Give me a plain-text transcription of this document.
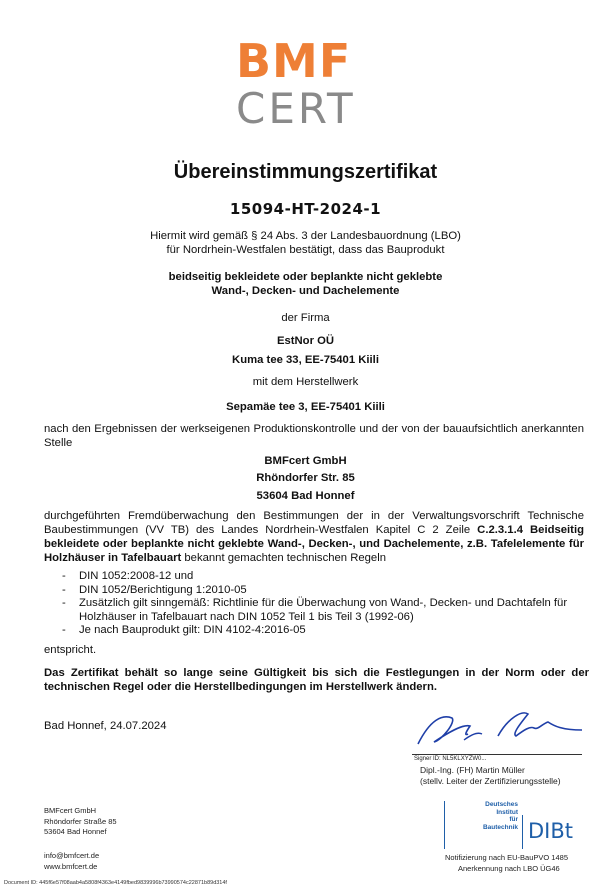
BMF
CERT
Übereinstimmungszertifikat
15094-HT-2024-1
Hiermit wird gemäß § 24 Abs. 3 der Landesbauordnung (LBO)
für Nordrhein-Westfalen bestätigt, dass das Bauprodukt
beidseitig bekleidete oder beplankte nicht geklebte
Wand-, Decken- und Dachelemente
der Firma
EstNor OÜ
Kuma tee 33, EE-75401 Kiili
mit dem Herstellwerk
Sepamäe tee 3, EE-75401 Kiili
nach den Ergebnissen der werkseigenen Produktionskontrolle und der von der bauaufsichtlich anerkannten Stelle
BMFcert GmbH
Rhöndorfer Str. 85
53604 Bad Honnef
durchgeführten Fremdüberwachung den Bestimmungen der in der Verwaltungsvorschrift Technische Baubestimmungen (VV TB) des Landes Nordrhein-Westfalen Kapitel C 2 Zeile C.2.3.1.4 Beidseitig bekleidete oder beplankte nicht geklebte Wand-, Decken-, und Dachelemente, z.B. Tafelelemente für Holzhäuser in Tafelbauart bekannt gemachten technischen Regeln
- DIN 1052:2008-12 und
- DIN 1052/Berichtigung 1:2010-05
- Zusätzlich gilt sinngemäß: Richtlinie für die Überwachung von Wand-, Decken- und Dachtafeln für Holzhäuser in Tafelbauart nach DIN 1052 Teil 1 bis Teil 3 (1992-06)
- Je nach Bauprodukt gilt: DIN 4102-4:2016-05
entspricht.
Das Zertifikat behält so lange seine Gültigkeit bis sich die Festlegungen in der Norm oder der technischen Regel oder die Herstellbedingungen im Herstellwerk ändern.
Bad Honnef, 24.07.2024
Signer ID: NL5KLXYZW0...
Dipl.-Ing. (FH) Martin Müller
(stellv. Leiter der Zertifizierungsstelle)
BMFcert GmbH
Rhöndorfer Straße 85
53604 Bad Honnef
info@bmfcert.de
www.bmfcert.de
Deutsches
Institut
für
Bautechnik DIBt
Notifizierung nach EU-BauPVO 1485
Anerkennung nach LBO ÜG46
Document ID: 445f6e57f08aab4a5808f4363e4149fbed9839996b73990574c22871b89d314f
